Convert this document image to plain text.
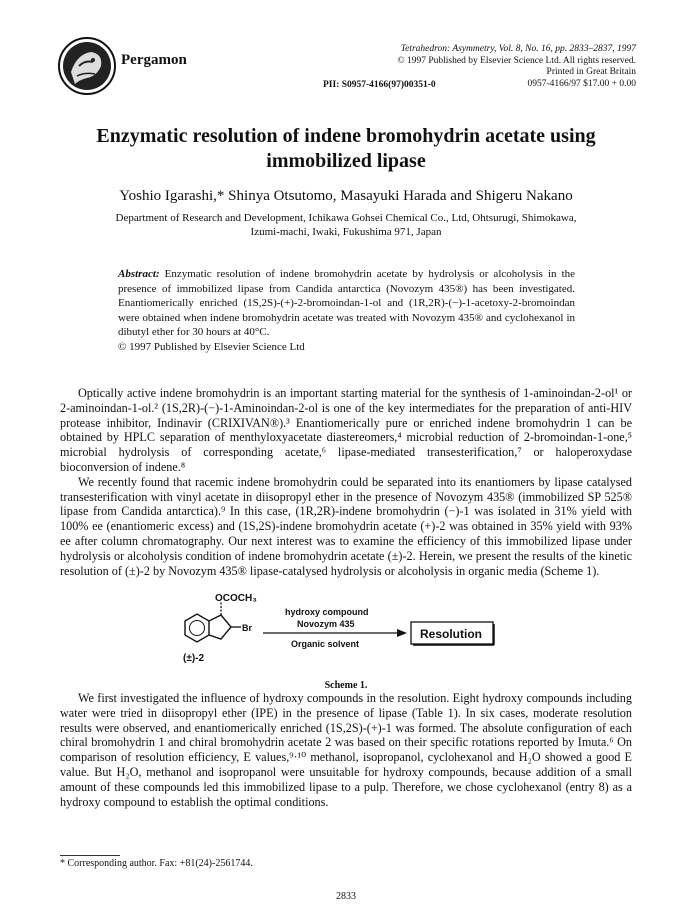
Pergamon
Tetrahedron: Asymmetry, Vol. 8, No. 16, pp. 2833–2837, 1997
© 1997 Published by Elsevier Science Ltd. All rights reserved.
Printed in Great Britain
0957-4166/97 $17.00 + 0.00
PII: S0957-4166(97)00351-0
Enzymatic resolution of indene bromohydrin acetate using
immobilized lipase
Yoshio Igarashi,* Shinya Otsutomo, Masayuki Harada and Shigeru Nakano
Department of Research and Development, Ichikawa Gohsei Chemical Co., Ltd, Ohtsurugi, Shimokawa,
Izumi-machi, Iwaki, Fukushima 971, Japan
Abstract: Enzymatic resolution of indene bromohydrin acetate by hydrolysis or alcoholysis in the presence of immobilized lipase from Candida antarctica (Novozym 435®) has been investigated. Enantiomerically enriched (1S,2S)-(+)-2-bromoindan-1-ol and (1R,2R)-(−)-1-acetoxy-2-bromoindan were obtained when indene bromohydrin acetate was treated with Novozym 435® and cyclohexanol in dibutyl ether for 30 hours at 40°C.
© 1997 Published by Elsevier Science Ltd

Optically active indene bromohydrin is an important starting material for the synthesis of 1-aminoindan-2-ol¹ or 2-aminoindan-1-ol.² (1S,2R)-(−)-1-Aminoindan-2-ol is one of the key intermediates for the preparation of anti-HIV protease inhibitor, Indinavir (CRIXIVAN®).³ Enantiomerically pure or enriched indene bromohydrin 1 can be obtained by HPLC separation of menthyloxyacetate diastereomers,⁴ microbial reduction of 2-bromoindan-1-one,⁵ microbial hydrolysis of corresponding acetate,⁶ lipase-mediated transesterification,⁷ or haloperoxydase bioconversion of indene.⁸

We recently found that racemic indene bromohydrin could be separated into its enantiomers by lipase catalysed transesterification with vinyl acetate in diisopropyl ether in the presence of Novozym 435® (immobilized SP 525® lipase from Candida antarctica).⁹ In this case, (1R,2R)-indene bromohydrin (−)-1 was isolated in 31% yield with 100% ee (enantiomeric excess) and (1S,2S)-indene bromohydrin acetate (+)-2 was obtained in 35% yield with 93% ee after column chromatography. Our next interest was to examine the efficiency of this immobilized lipase under hydrolysis or alcoholysis condition of indene bromohydrin acetate (±)-2. Herein, we present the results of the kinetic resolution of (±)-2 by Novozym 435® lipase-catalysed hydrolysis or alcoholysis in organic media (Scheme 1).

OCOCH₃
Br
(±)-2
hydroxy compound
Novozym 435
Organic solvent
Resolution
Scheme 1.

We first investigated the influence of hydroxy compounds in the resolution. Eight hydroxy compounds including water were tried in diisopropyl ether (IPE) in the presence of lipase (Table 1). In six cases, moderate resolution results were observed, and enantiomerically enriched (1S,2S)-(+)-1 was formed. The absolute configuration of each chiral bromohydrin 1 and chiral bromohydrin acetate 2 was based on their specific rotations reported by Imuta.⁶ On comparison of resolution efficiency, E values,⁹·¹⁰ methanol, isopropanol, cyclohexanol and H₂O showed a good E value. But H₂O, methanol and isopropanol were unsuitable for hydroxy compounds, because addition of a small amount of these compounds led this immobilized lipase to a pulp. Therefore, we chose cyclohexanol (entry 8) as a hydroxy compound to establish the optimal conditions.

* Corresponding author. Fax: +81(24)-2561744.
2833
